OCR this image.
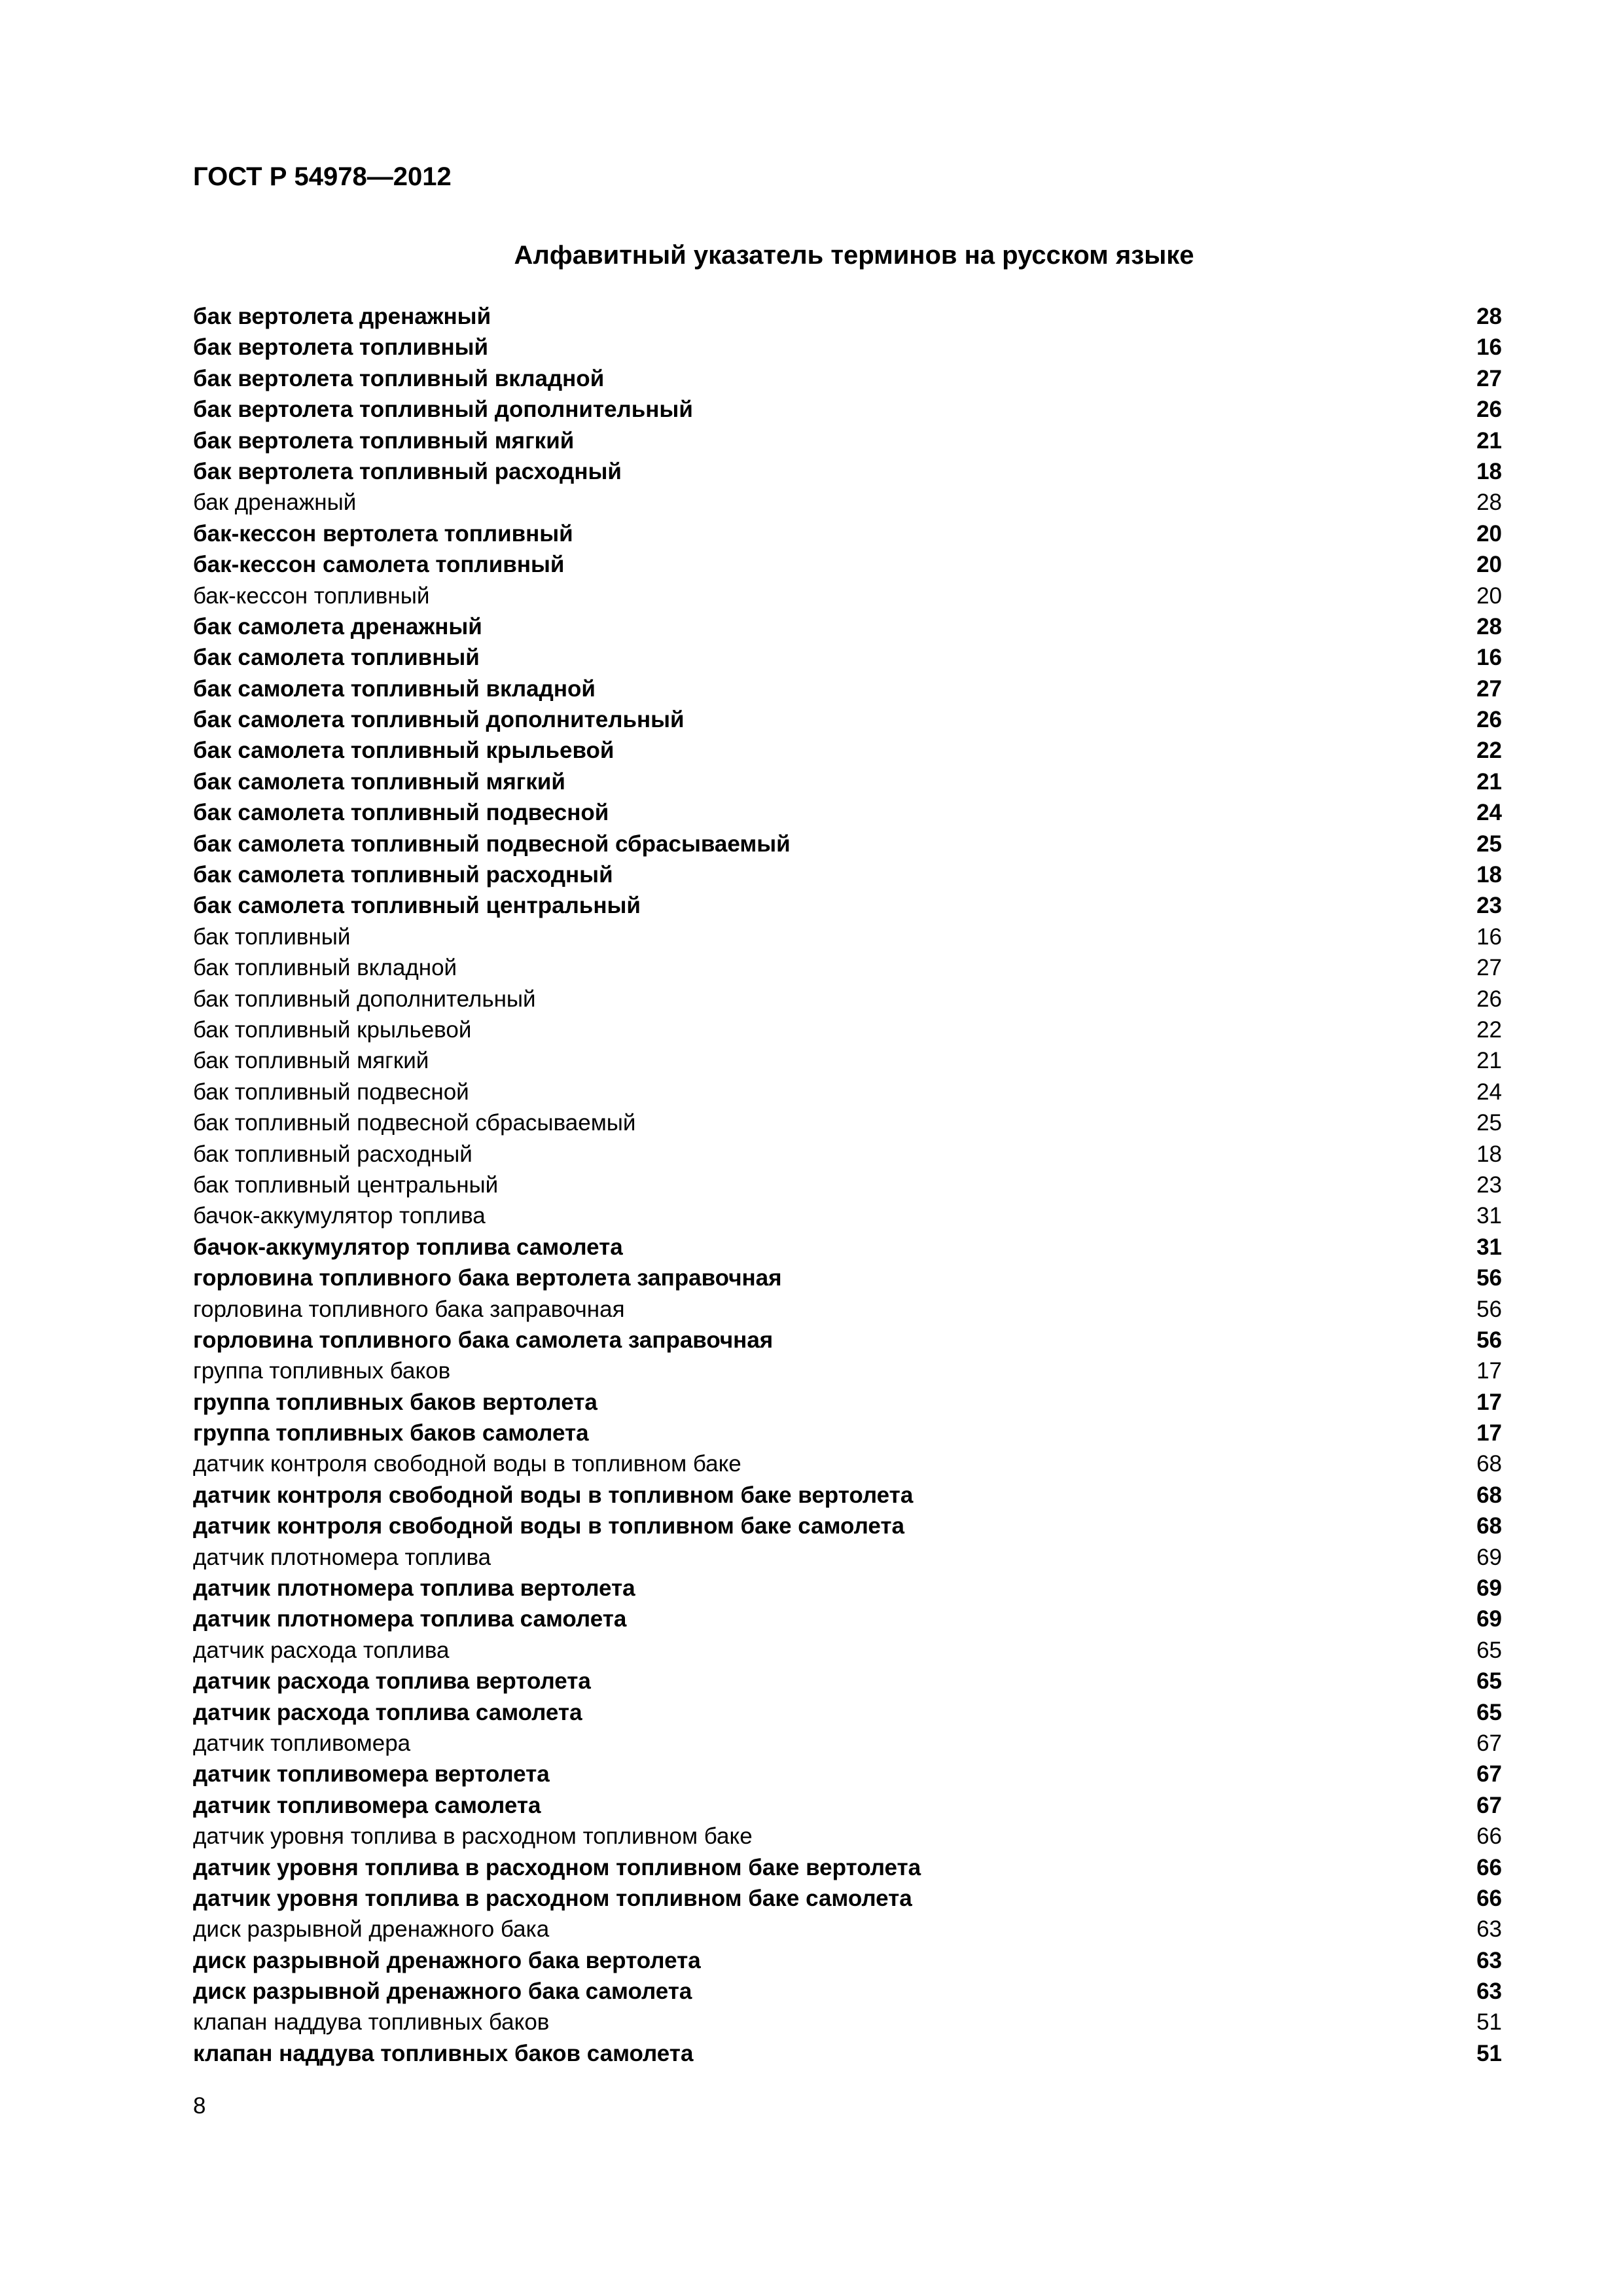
ГОСТ Р 54978—2012
Алфавитный указатель терминов на русском языке
бак вертолета дренажный	28
бак вертолета топливный	16
бак вертолета топливный вкладной	27
бак вертолета топливный дополнительный	26
бак вертолета топливный мягкий	21
бак вертолета топливный расходный	18
бак дренажный	28
бак-кессон вертолета топливный	20
бак-кессон самолета топливный	20
бак-кессон топливный	20
бак самолета дренажный	28
бак самолета топливный	16
бак самолета топливный вкладной	27
бак самолета топливный дополнительный	26
бак самолета топливный крыльевой	22
бак самолета топливный мягкий	21
бак самолета топливный подвесной	24
бак самолета топливный подвесной сбрасываемый	25
бак самолета топливный расходный	18
бак самолета топливный центральный	23
бак топливный	16
бак топливный вкладной	27
бак топливный дополнительный	26
бак топливный крыльевой	22
бак топливный мягкий	21
бак топливный подвесной	24
бак топливный подвесной сбрасываемый	25
бак топливный расходный	18
бак топливный центральный	23
бачок-аккумулятор топлива	31
бачок-аккумулятор топлива самолета	31
горловина топливного бака вертолета заправочная	56
горловина топливного бака заправочная	56
горловина топливного бака самолета заправочная	56
группа топливных баков	17
группа топливных баков вертолета	17
группа топливных баков самолета	17
датчик контроля свободной воды в топливном баке	68
датчик контроля свободной воды в топливном баке вертолета	68
датчик контроля свободной воды в топливном баке самолета	68
датчик плотномера топлива	69
датчик плотномера топлива вертолета	69
датчик плотномера топлива самолета	69
датчик расхода топлива	65
датчик расхода топлива вертолета	65
датчик расхода топлива самолета	65
датчик топливомера	67
датчик топливомера вертолета	67
датчик топливомера самолета	67
датчик уровня топлива в расходном топливном баке	66
датчик уровня топлива в расходном топливном баке вертолета	66
датчик уровня топлива в расходном топливном баке самолета	66
диск разрывной дренажного бака	63
диск разрывной дренажного бака вертолета	63
диск разрывной дренажного бака самолета	63
клапан наддува топливных баков	51
клапан наддува топливных баков самолета	51
8
